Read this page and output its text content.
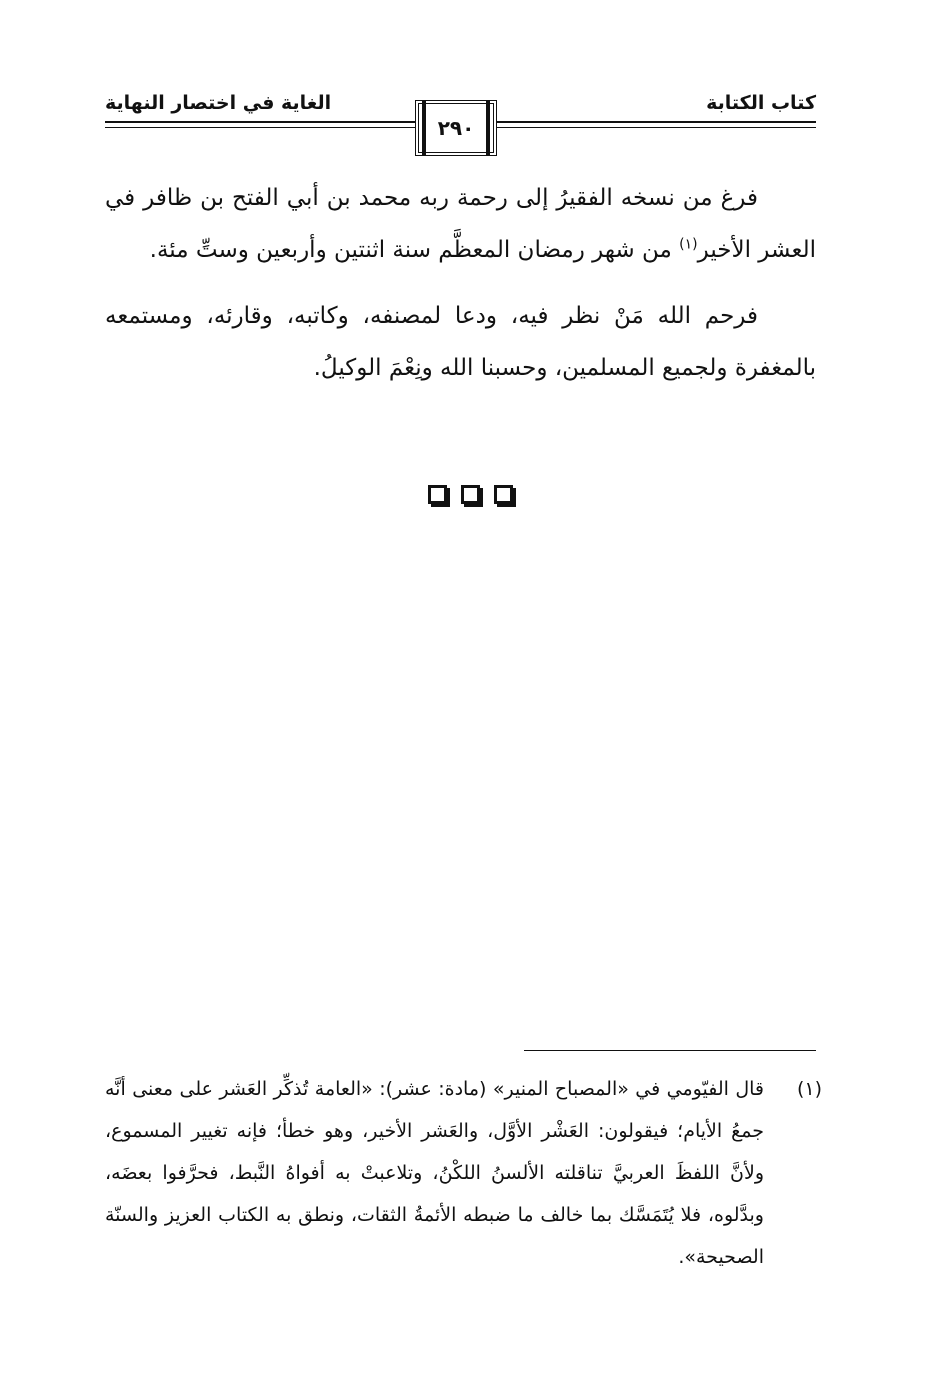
كتاب الكتابة
الغاية في اختصار النهاية
٢٩٠

فرغ من نسخه الفقيرُ إلى رحمة ربه محمد بن أبي الفتح بن ظافر في العشر الأخير$^{(١)}$ من شهر رمضان المعظَّم سنة اثنتين وأربعين وستِّ مئة.

فرحم الله مَنْ نظر فيه، ودعا لمصنفه، وكاتبه، وقارئه، ومستمعه بالمغفرة ولجميع المسلمين، وحسبنا الله ونِعْمَ الوكيلُ.

(١)

قال الفيّومي في «المصباح المنير» (مادة: عشر): «العامة تُذكِّر العَشر على معنى أنَّه جمعُ الأيام؛ فيقولون: العَشْر الأوَّل، والعَشر الأخير، وهو خطأ؛ فإنه تغيير المسموع، ولأنَّ اللفظَ العربيَّ تناقلته الألسنُ اللكْنُ، وتلاعبتْ به أفواهُ النَّبط، فحرَّفوا بعضَه، وبدَّلوه، فلا يُتَمَسَّك بما خالف ما ضبطه الأئمةُ الثقات، ونطق به الكتاب العزيز والسنّة الصحيحة».
